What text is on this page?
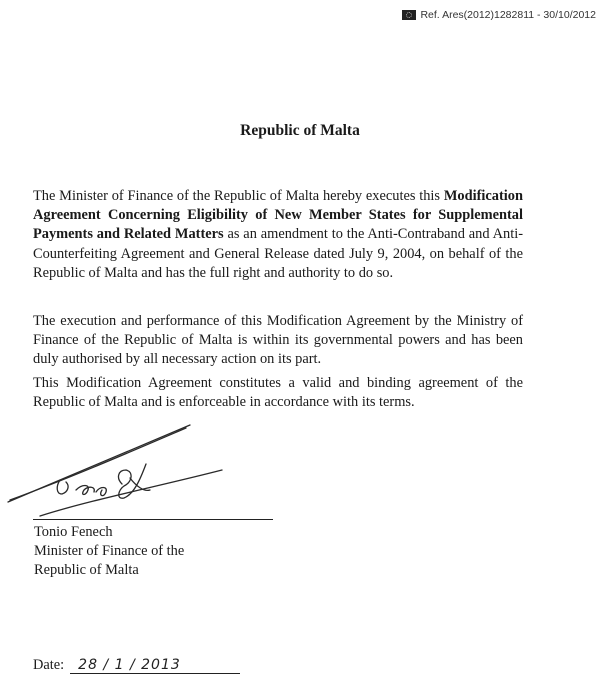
Ref. Ares(2012)1282811 - 30/10/2012
Republic of Malta
The Minister of Finance of the Republic of Malta hereby executes this Modification Agreement Concerning Eligibility of New Member States for Supplemental Payments and Related Matters as an amendment to the Anti-Contraband and Anti-Counterfeiting Agreement and General Release dated July 9, 2004, on behalf of the Republic of Malta and has the full right and authority to do so.
The execution and performance of this Modification Agreement by the Ministry of Finance of the Republic of Malta is within its governmental powers and has been duly authorised by all necessary action on its part.
This Modification Agreement constitutes a valid and binding agreement of the Republic of Malta and is enforceable in accordance with its terms.
Tonio Fenech
Minister of Finance of the
Republic of Malta
Date: 28 / 1 / 2013
